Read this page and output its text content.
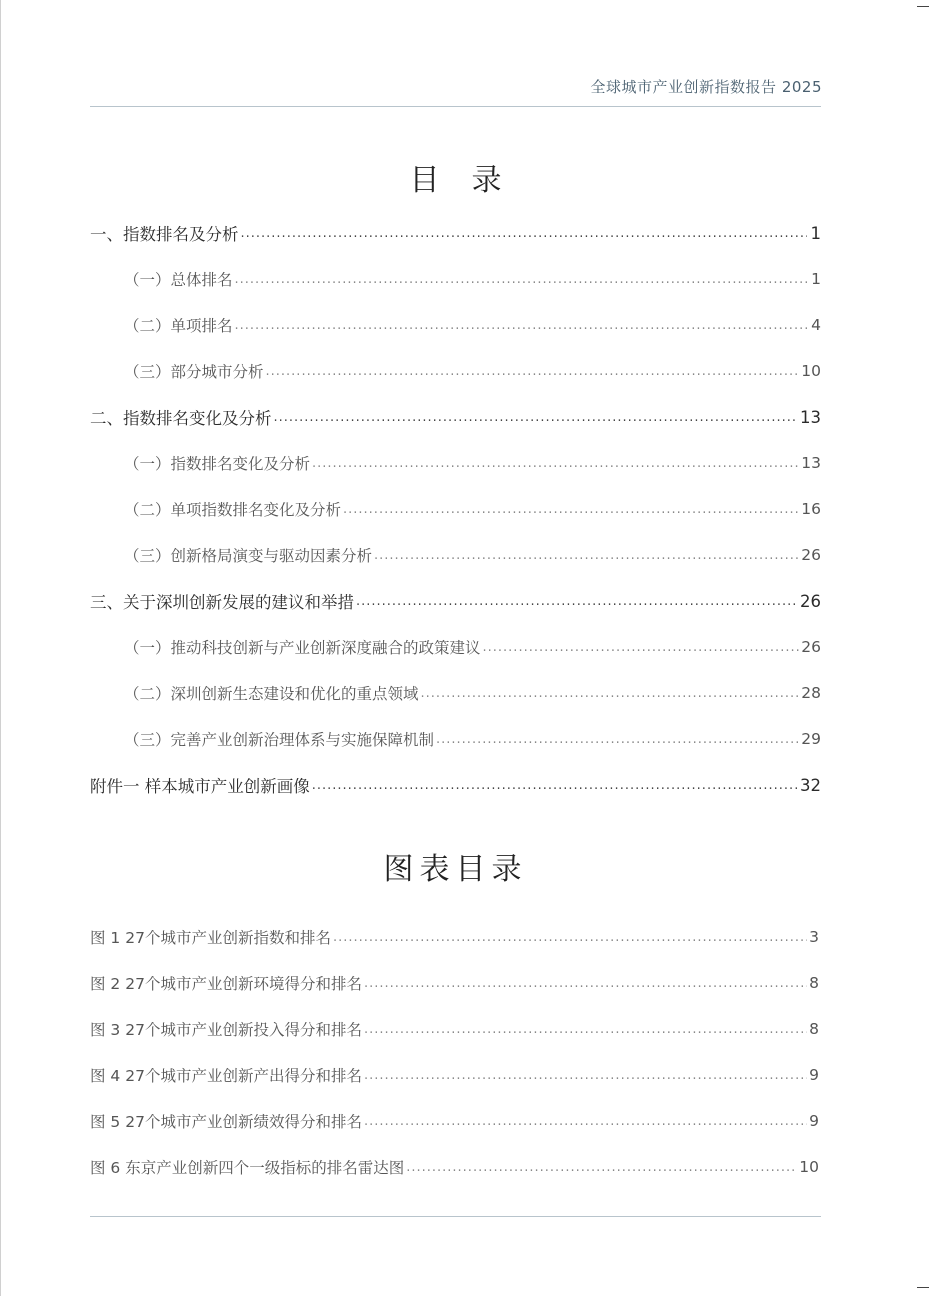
全球城市产业创新指数报告 2025
目录
一、指数排名及分析 .....	1
（一）总体排名 .....	1
（二）单项排名 .....	4
（三）部分城市分析 .....	10
二、指数排名变化及分析 .....	13
（一）指数排名变化及分析 .....	13
（二）单项指数排名变化及分析 .....	16
（三）创新格局演变与驱动因素分析 .....	26
三、关于深圳创新发展的建议和举措 .....	26
（一）推动科技创新与产业创新深度融合的政策建议 .....	26
（二）深圳创新生态建设和优化的重点领域 .....	28
（三）完善产业创新治理体系与实施保障机制 .....	29
附件一 样本城市产业创新画像 .....	32
图表目录
图 1 27个城市产业创新指数和排名 .....	3
图 2 27个城市产业创新环境得分和排名 .....	8
图 3 27个城市产业创新投入得分和排名 .....	8
图 4 27个城市产业创新产出得分和排名 .....	9
图 5 27个城市产业创新绩效得分和排名 .....	9
图 6 东京产业创新四个一级指标的排名雷达图 .....	10
